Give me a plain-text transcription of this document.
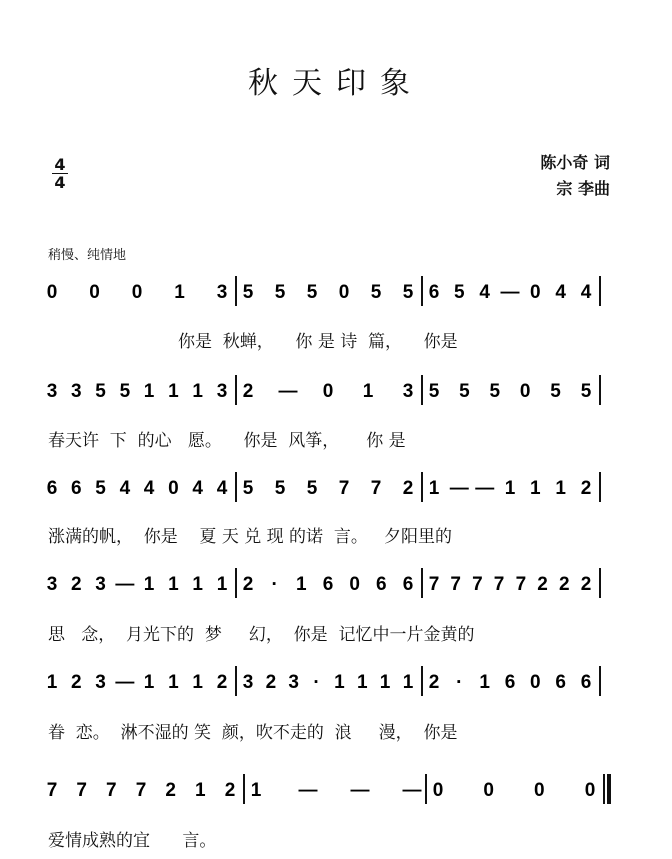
秋天印象
4
4
陈小奇 词
宗 李曲
稍慢、纯情地
0 0 0 1 3 5 5 5 0 5 5 6 5 4 — 0 4 4
3 3 5 5 1 1 1 3 2 — 0 1 3 5 5 5 0 5 5
6 6 5 4 4 0 4 4 5 5 5 7 7 2 1 — — 1 1 1 2
3 2 3 — 1 1 1 1 2 · 1 6 0 6 6 7 7 7 7 7 2 2 2
1 2 3 — 1 1 1 2 3 2 3 · 1 1 1 1 2 · 1 6 0 6 6
7 7 7 7 2 1 2 1 — — — 0 0 0 0
你是  秋蝉，    你 是 诗  篇，    你是
春天许  下  的心   愿。    你是  风筝，     你 是
涨满的帆，  你是    夏 天 兑 现 的诺  言。   夕阳里的
思   念，  月光下的  梦     幻，  你是  记忆中一片金黄的
眷  恋。  淋不湿的 笑  颜，吹不走的  浪     漫，  你是
爱情成熟的宜      言。
